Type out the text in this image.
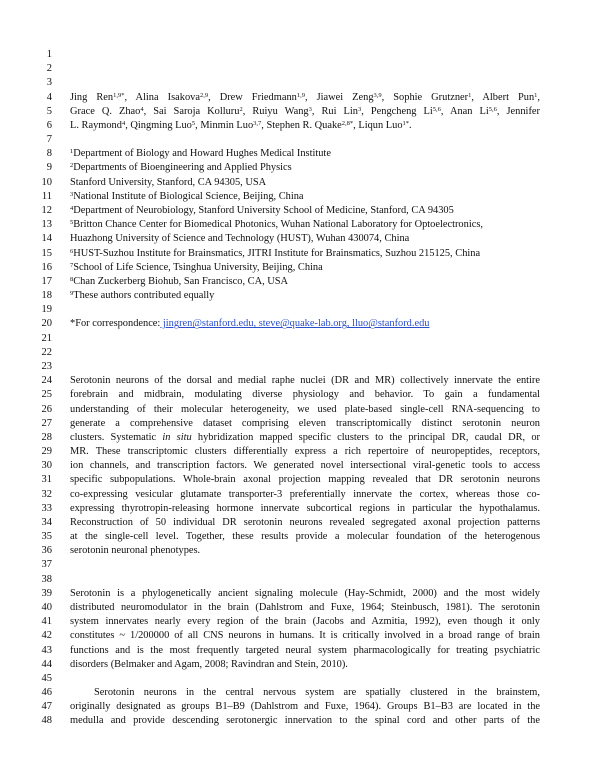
1
2
3
4 Jing Ren$^{1,9*}$, Alina Isakova$^{2,9}$, Drew Friedmann$^{1,9}$, Jiawei Zeng$^{3,9}$, Sophie Grutzner$^1$, Albert Pun$^1$,
5 Grace Q. Zhao$^4$, Sai Saroja Kolluru$^2$, Ruiyu Wang$^3$, Rui Lin$^3$, Pengcheng Li$^{5,6}$, Anan Li$^{5,6}$, Jennifer
6 L. Raymond$^4$, Qingming Luo$^5$, Minmin Luo$^{3,7}$, Stephen R. Quake$^{2,8*}$, Liqun Luo$^{1*}$.
7
8	$^1$Department of Biology and Howard Hughes Medical Institute
9	$^2$Departments of Bioengineering and Applied Physics
10 Stanford University, Stanford, CA 94305, USA
11	$^3$National Institute of Biological Science, Beijing, China
12	$^4$Department of Neurobiology, Stanford University School of Medicine, Stanford, CA 94305
13	$^5$Britton Chance Center for Biomedical Photonics, Wuhan National Laboratory for Optoelectronics,
14 Huazhong University of Science and Technology (HUST), Wuhan 430074, China
15	$^6$HUST-Suzhou Institute for Brainsmatics, JITRI Institute for Brainsmatics, Suzhou 215125, China
16	$^7$School of Life Science, Tsinghua University, Beijing, China
17	$^8$Chan Zuckerberg Biohub, San Francisco, CA, USA
18	$^9$These authors contributed equally
19
20 *For correspondence: jingren@stanford.edu, steve@quake-lab.org, lluo@stanford.edu
21
22
23
24 Serotonin neurons of the dorsal and medial raphe nuclei (DR and MR) collectively innervate the entire
25 forebrain and midbrain, modulating diverse physiology and behavior. To gain a fundamental
26 understanding of their molecular heterogeneity, we used plate-based single-cell RNA-sequencing to
27 generate a comprehensive dataset comprising eleven transcriptomically distinct serotonin neuron
28 clusters. Systematic in situ hybridization mapped specific clusters to the principal DR, caudal DR, or
29 MR. These transcriptomic clusters differentially express a rich repertoire of neuropeptides, receptors,
30 ion channels, and transcription factors. We generated novel intersectional viral-genetic tools to access
31 specific subpopulations. Whole-brain axonal projection mapping revealed that DR serotonin neurons
32 co-expressing vesicular glutamate transporter-3 preferentially innervate the cortex, whereas those co-
33 expressing thyrotropin-releasing hormone innervate subcortical regions in particular the hypothalamus.
34 Reconstruction of 50 individual DR serotonin neurons revealed segregated axonal projection patterns
35 at the single-cell level. Together, these results provide a molecular foundation of the heterogenous
36 serotonin neuronal phenotypes.
37
38
39 Serotonin is a phylogenetically ancient signaling molecule (Hay-Schmidt, 2000) and the most widely
40 distributed neuromodulator in the brain (Dahlstrom and Fuxe, 1964; Steinbusch, 1981). The serotonin
41 system innervates nearly every region of the brain (Jacobs and Azmitia, 1992), even though it only
42 constitutes ~ 1/200000 of all CNS neurons in humans. It is critically involved in a broad range of brain
43 functions and is the most frequently targeted neural system pharmacologically for treating psychiatric
44 disorders (Belmaker and Agam, 2008; Ravindran and Stein, 2010).
45
46	Serotonin neurons in the central nervous system are spatially clustered in the brainstem,
47 originally designated as groups B1–B9 (Dahlstrom and Fuxe, 1964). Groups B1–B3 are located in the
48 medulla and provide descending serotonergic innervation to the spinal cord and other parts of the
